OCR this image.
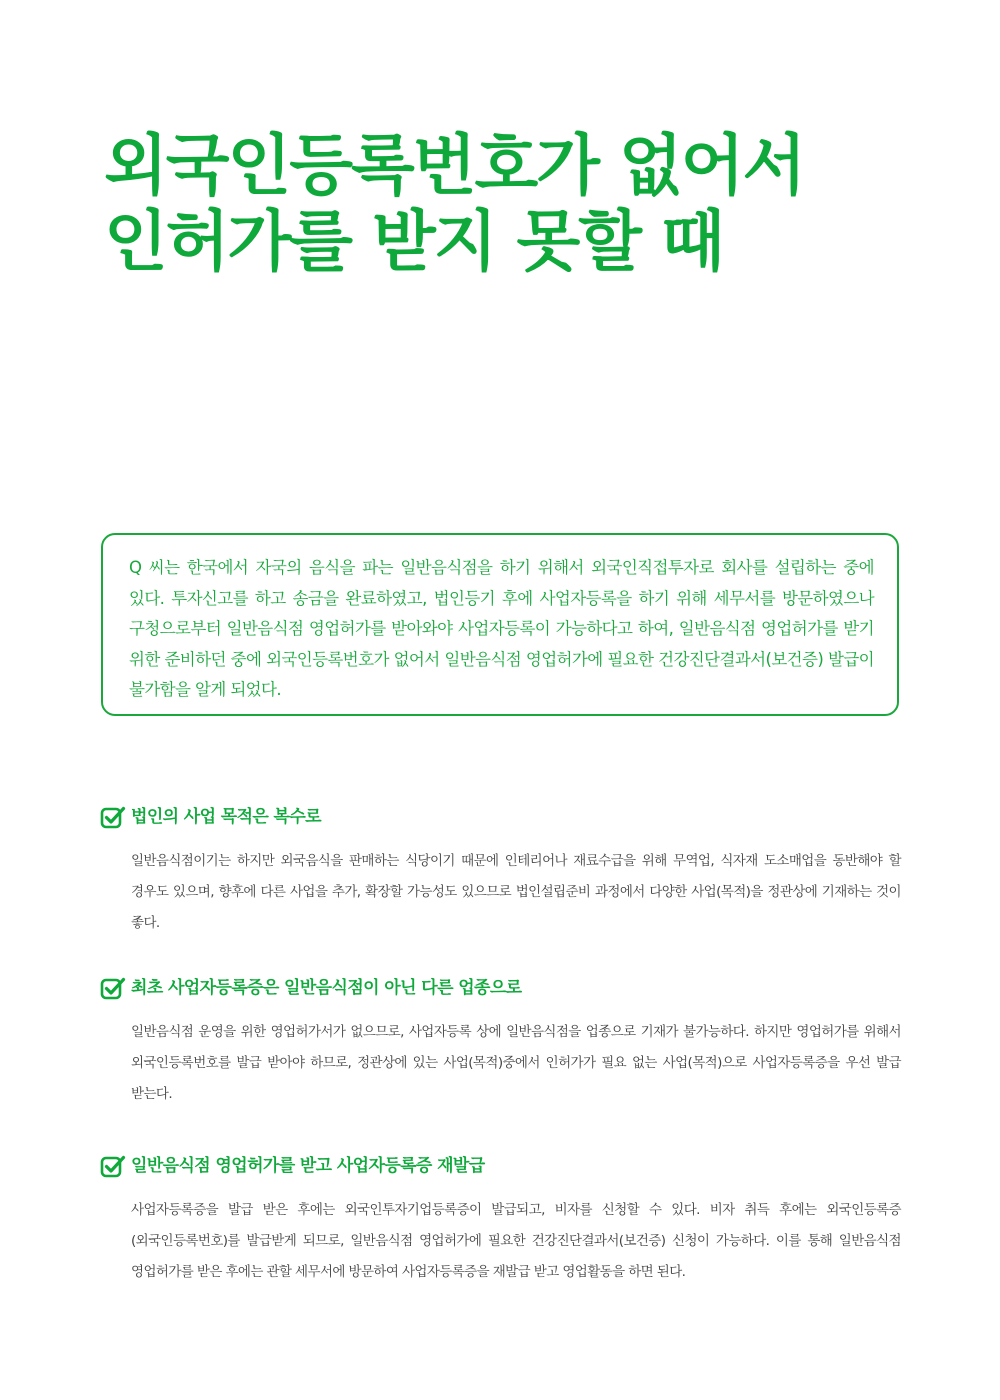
외국인등록번호가 없어서
인허가를 받지 못할 때

Q 씨는 한국에서 자국의 음식을 파는 일반음식점을 하기 위해서 외국인직접투자로 회사를 설립하는 중에 있다. 투자신고를 하고 송금을 완료하였고, 법인등기 후에 사업자등록을 하기 위해 세무서를 방문하였으나 구청으로부터 일반음식점 영업허가를 받아와야 사업자등록이 가능하다고 하여, 일반음식점 영업허가를 받기 위한 준비하던 중에 외국인등록번호가 없어서 일반음식점 영업허가에 필요한 건강진단결과서(보건증) 발급이 불가함을 알게 되었다.

법인의 사업 목적은 복수로

일반음식점이기는 하지만 외국음식을 판매하는 식당이기 때문에 인테리어나 재료수급을 위해 무역업, 식자재 도소매업을 동반해야 할 경우도 있으며, 향후에 다른 사업을 추가, 확장할 가능성도 있으므로 법인설립준비 과정에서 다양한 사업(목적)을 정관상에 기재하는 것이 좋다.

최초 사업자등록증은 일반음식점이 아닌 다른 업종으로

일반음식점 운영을 위한 영업허가서가 없으므로, 사업자등록 상에 일반음식점을 업종으로 기재가 불가능하다. 하지만 영업허가를 위해서 외국인등록번호를 발급 받아야 하므로, 정관상에 있는 사업(목적)중에서 인허가가 필요 없는 사업(목적)으로 사업자등록증을 우선 발급 받는다.

일반음식점 영업허가를 받고 사업자등록증 재발급

사업자등록증을 발급 받은 후에는 외국인투자기업등록증이 발급되고, 비자를 신청할 수 있다. 비자 취득 후에는 외국인등록증(외국인등록번호)를 발급받게 되므로, 일반음식점 영업허가에 필요한 건강진단결과서(보건증) 신청이 가능하다. 이를 통해 일반음식점 영업허가를 받은 후에는 관할 세무서에 방문하여 사업자등록증을 재발급 받고 영업활동을 하면 된다.
